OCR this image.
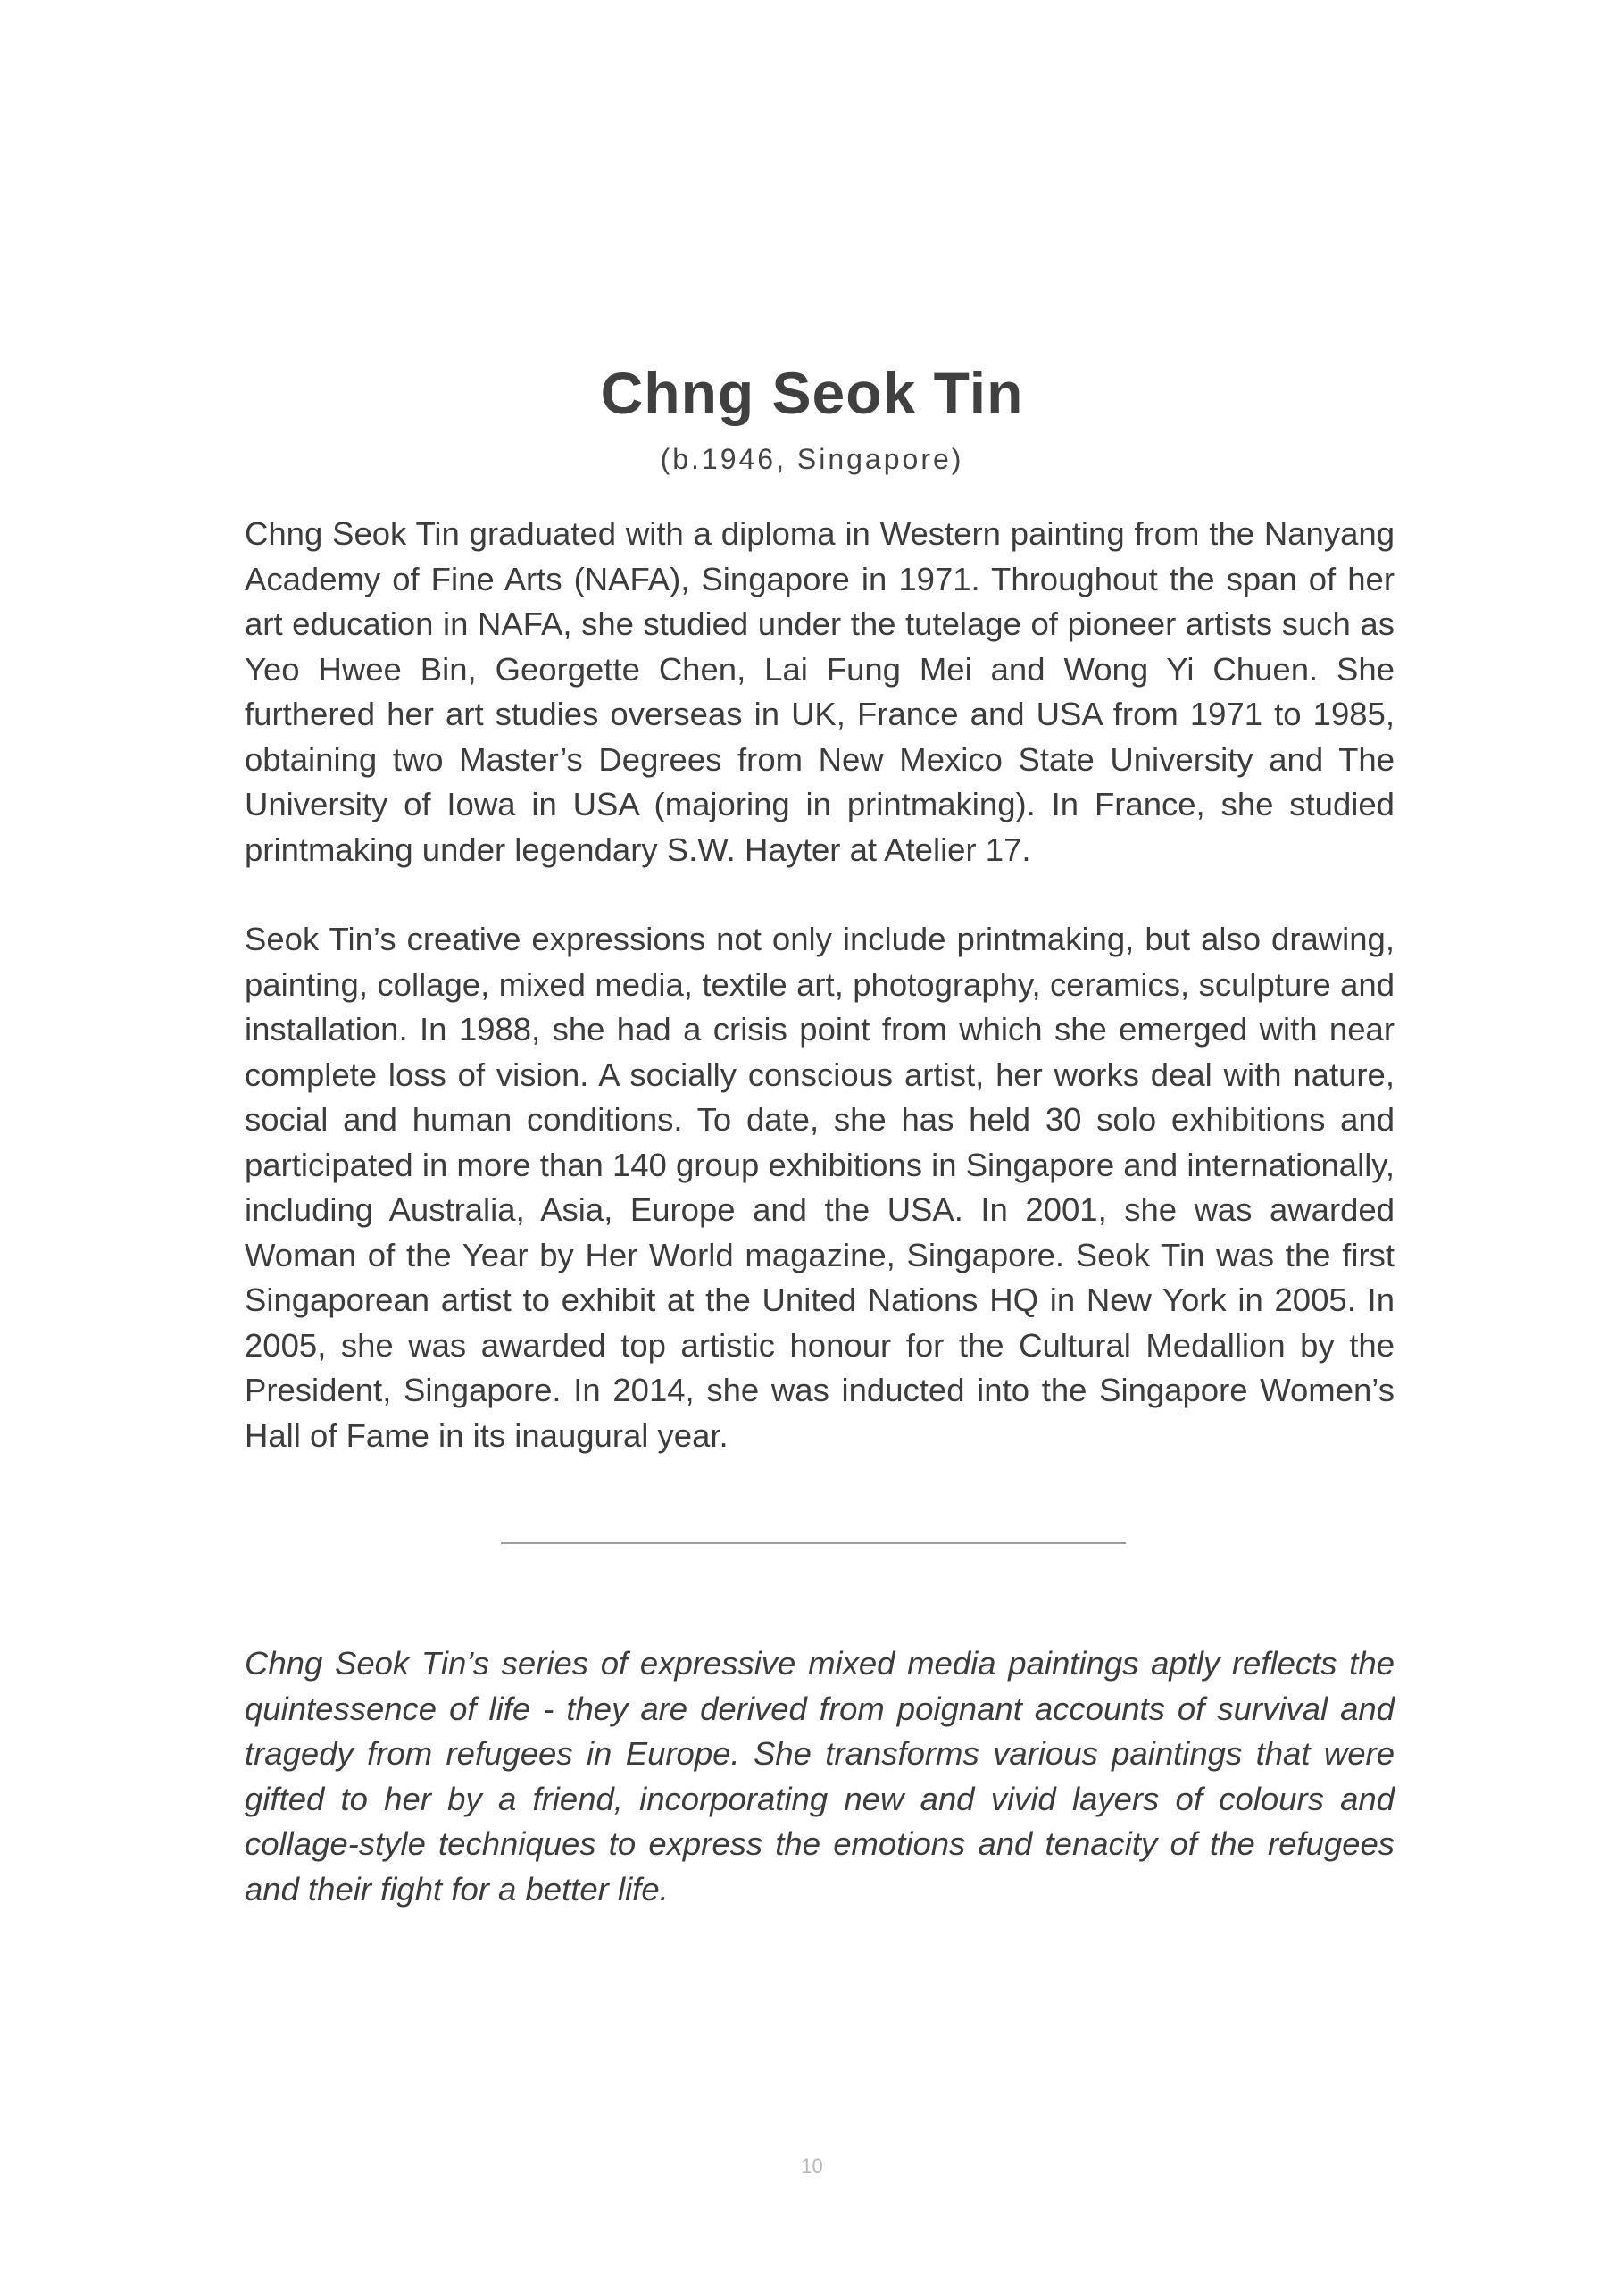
Chng Seok Tin
(b.1946, Singapore)

Chng Seok Tin graduated with a diploma in Western painting from the Nanyang Academy of Fine Arts (NAFA), Singapore in 1971. Throughout the span of her art education in NAFA, she studied under the tutelage of pioneer artists such as Yeo Hwee Bin, Georgette Chen, Lai Fung Mei and Wong Yi Chuen. She furthered her art studies overseas in UK, France and USA from 1971 to 1985, obtaining two Master’s Degrees from New Mexico State University and The University of Iowa in USA (majoring in printmaking). In France, she studied printmaking under legendary S.W. Hayter at Atelier 17.

Seok Tin’s creative expressions not only include printmaking, but also drawing, painting, collage, mixed media, textile art, photography, ceramics, sculpture and installation. In 1988, she had a crisis point from which she emerged with near complete loss of vision. A socially conscious artist, her works deal with nature, social and human conditions. To date, she has held 30 solo exhibitions and participated in more than 140 group exhibitions in Singapore and internationally, including Australia, Asia, Europe and the USA. In 2001, she was awarded Woman of the Year by Her World magazine, Singapore. Seok Tin was the first Singaporean artist to exhibit at the United Nations HQ in New York in 2005. In 2005, she was awarded top artistic honour for the Cultural Medallion by the President, Singapore. In 2014, she was inducted into the Singapore Women’s Hall of Fame in its inaugural year.

Chng Seok Tin’s series of expressive mixed media paintings aptly reflects the quintessence of life - they are derived from poignant accounts of survival and tragedy from refugees in Europe. She transforms various paintings that were gifted to her by a friend, incorporating new and vivid layers of colours and collage-style techniques to express the emotions and tenacity of the refugees and their fight for a better life.

10
